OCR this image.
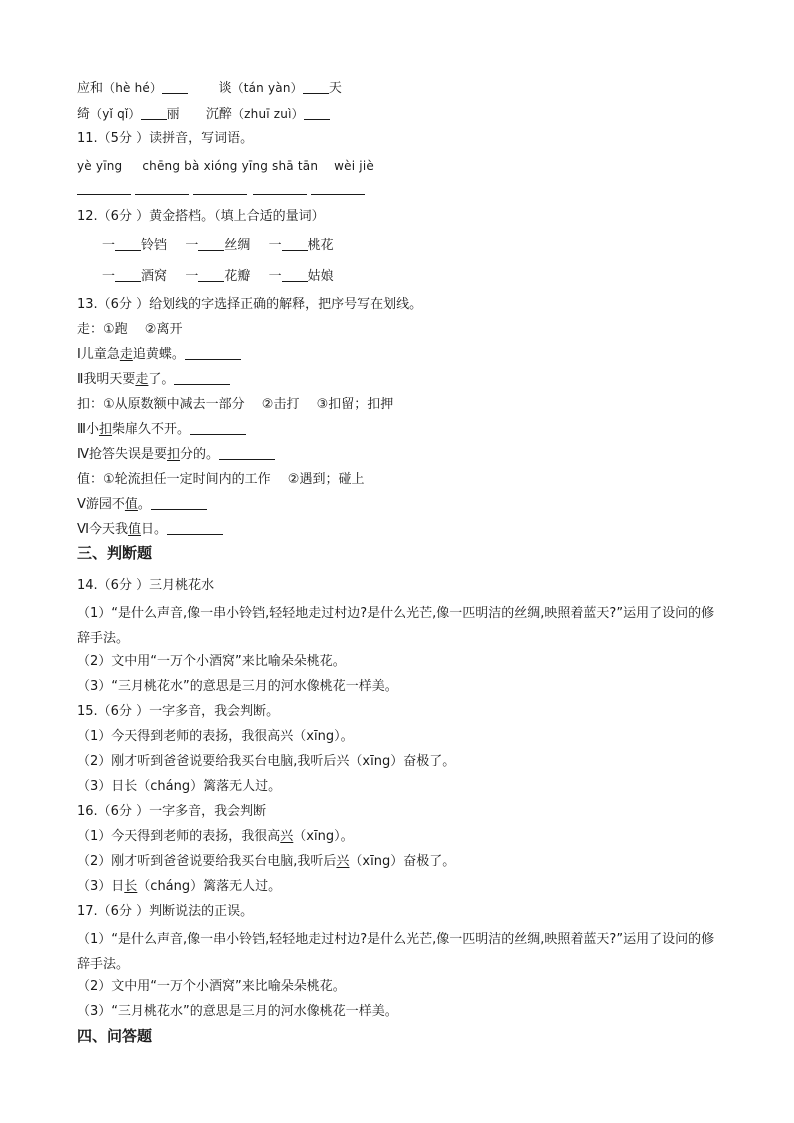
应和（hè hé）	谈（tán yàn） 天
绮（yǐ qǐ） 丽 沉醉（zhuī zuì）
11.（5分 ）读拼音，写词语。
yè yīng chēng bà xióng yīng shā tān wèi jiè
12.（6分 ）黄金搭档。（填上合适的量词）
一 铃铛 一 丝绸 一 桃花
一 酒窝 一 花瓣 一 姑娘
13.（6分 ）给划线的字选择正确的解释，把序号写在划线。
走：①跑　 ②离开
Ⅰ儿童急走追黄蝶。
Ⅱ我明天要走了。
扣：①从原数额中减去一部分　 ②击打　 ③扣留；扣押
Ⅲ小扣柴扉久不开。
Ⅳ抢答失误是要扣分的。
值：①轮流担任一定时间内的工作　 ②遇到；碰上
Ⅴ游园不值。
Ⅵ今天我值日。
三、判断题
14.（6分 ）三月桃花水
（1）“是什么声音,像一串小铃铛,轻轻地走过村边?是什么光芒,像一匹明洁的丝绸,映照着蓝天?”运用了设问的修辞手法。
（2）文中用“一万个小酒窝”来比喻朵朵桃花。
（3）“三月桃花水”的意思是三月的河水像桃花一样美。
15.（6分 ）一字多音，我会判断。
（1）今天得到老师的表扬，我很高兴（xīng）。
（2）刚才听到爸爸说要给我买台电脑,我听后兴（xīng）奋极了。
（3）日长（cháng）篱落无人过。
16.（6分 ）一字多音，我会判断
（1）今天得到老师的表扬，我很高兴（xīng）。
（2）刚才听到爸爸说要给我买台电脑,我听后兴（xīng）奋极了。
（3）日长（cháng）篱落无人过。
17.（6分 ）判断说法的正误。
（1）“是什么声音,像一串小铃铛,轻轻地走过村边?是什么光芒,像一匹明洁的丝绸,映照着蓝天?”运用了设问的修辞手法。
（2）文中用“一万个小酒窝”来比喻朵朵桃花。
（3）“三月桃花水”的意思是三月的河水像桃花一样美。
四、问答题
